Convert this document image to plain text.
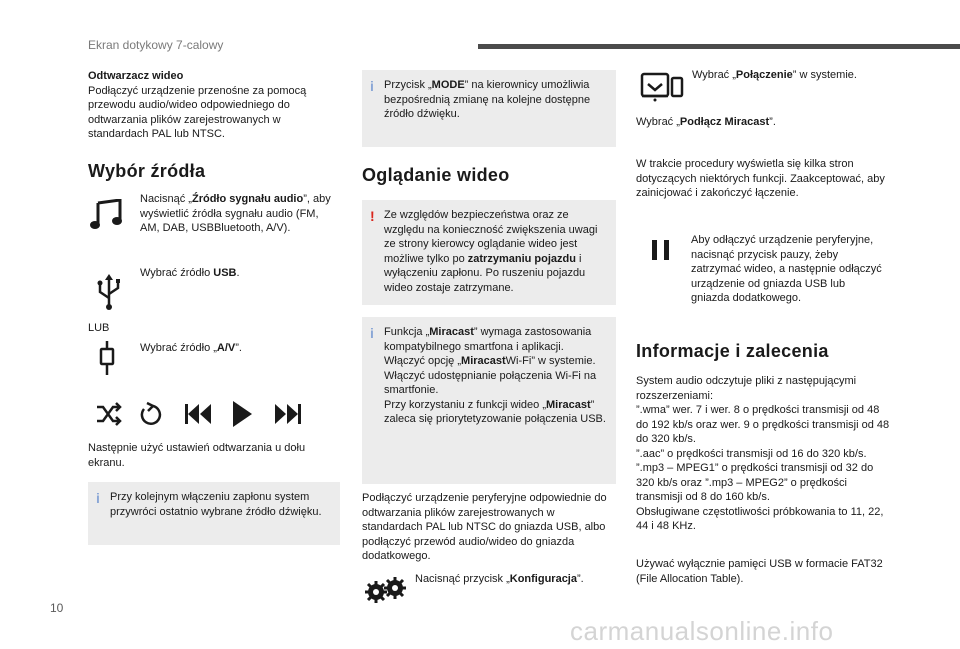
Ekran dotykowy 7-calowy
Odtwarzacz wideo
Podłączyć urządzenie przenośne za pomocą przewodu audio/wideo odpowiedniego do odtwarzania plików zarejestrowanych w standardach PAL lub NTSC.
Wybór źródła
Nacisnąć „Źródło sygnału audio”, aby wyświetlić źródła sygnału audio (FM, AM, DAB, USBBluetooth, A/V).
Wybrać źródło USB.
LUB
Wybrać źródło „A/V”.
Następnie użyć ustawień odtwarzania u dołu ekranu.
i Przy kolejnym włączeniu zapłonu system przywróci ostatnio wybrane źródło dźwięku.
i Przycisk „MODE” na kierownicy umożliwia bezpośrednią zmianę na kolejne dostępne źródło dźwięku.
Oglądanie wideo
! Ze względów bezpieczeństwa oraz ze względu na konieczność zwiększenia uwagi ze strony kierowcy oglądanie wideo jest możliwe tylko po zatrzymaniu pojazdu i wyłączeniu zapłonu. Po ruszeniu pojazdu wideo zostaje zatrzymane.
i Funkcja „Miracast” wymaga zastosowania kompatybilnego smartfona i aplikacji. Włączyć opcję „MiracastWi-Fi” w systemie.
Włączyć udostępnianie połączenia Wi-Fi na smartfonie.
Przy korzystaniu z funkcji wideo „Miracast” zaleca się priorytetyzowanie połączenia USB.
Podłączyć urządzenie peryferyjne odpowiednie do odtwarzania plików zarejestrowanych w standardach PAL lub NTSC do gniazda USB, albo podłączyć przewód audio/wideo do gniazda dodatkowego.
Nacisnąć przycisk „Konfiguracja”.
Wybrać „Połączenie” w systemie.
Wybrać „Podłącz Miracast”.
W trakcie procedury wyświetla się kilka stron dotyczących niektórych funkcji. Zaakceptować, aby zainicjować i zakończyć łączenie.
Aby odłączyć urządzenie peryferyjne, nacisnąć przycisk pauzy, żeby zatrzymać wideo, a następnie odłączyć urządzenie od gniazda USB lub gniazda dodatkowego.
Informacje i zalecenia
System audio odczytuje pliki z następującymi rozszerzeniami:
”.wma” wer. 7 i wer. 8 o prędkości transmisji od 48 do 192 kb/s oraz wer. 9 o prędkości transmisji od 48 do 320 kb/s.
”.aac” o prędkości transmisji od 16 do 320 kb/s.
”.mp3 – MPEG1” o prędkości transmisji od 32 do 320 kb/s oraz ”.mp3 – MPEG2” o prędkości transmisji od 8 do 160 kb/s.
Obsługiwane częstotliwości próbkowania to 11, 22, 44 i 48 KHz.
Używać wyłącznie pamięci USB w formacie FAT32 (File Allocation Table).
10
carmanualsonline.info
